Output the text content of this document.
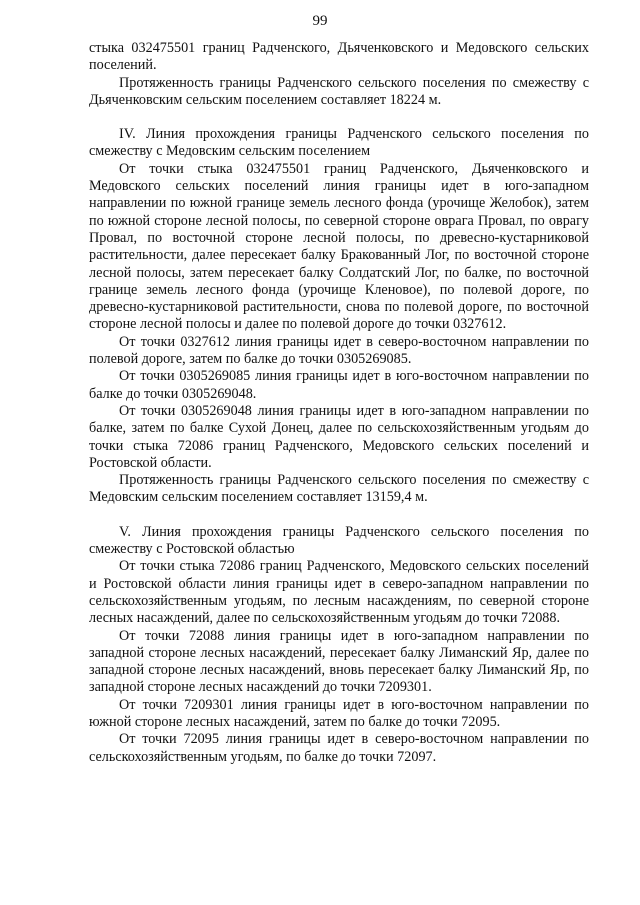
99

стыка 032475501 границ Радченского, Дьяченковского и Медовского сельских поселений.

Протяженность границы Радченского сельского поселения по смежеству с Дьяченковским сельским поселением составляет 18224 м.

IV. Линия прохождения границы Радченского сельского поселения по смежеству с Медовским сельским поселением

От точки стыка 032475501 границ Радченского, Дьяченковского и Медовского сельских поселений линия границы идет в юго-западном направлении по южной границе земель лесного фонда (урочище Желобок), затем по южной стороне лесной полосы, по северной стороне оврага Провал, по оврагу Провал, по восточной стороне лесной полосы, по древесно-кустарниковой растительности, далее пересекает балку Бракованный Лог, по восточной стороне лесной полосы, затем пересекает балку Солдатский Лог, по балке, по восточной границе земель лесного фонда (урочище Кленовое), по полевой дороге, по древесно-кустарниковой растительности, снова по полевой дороге, по восточной стороне лесной полосы и далее по полевой дороге до точки 0327612.

От точки 0327612 линия границы идет в северо-восточном направлении по полевой дороге, затем по балке до точки 0305269085.

От точки 0305269085 линия границы идет в юго-восточном направлении по балке до точки 0305269048.

От точки 0305269048 линия границы идет в юго-западном направлении по балке, затем по балке Сухой Донец, далее по сельскохозяйственным угодьям до точки стыка 72086 границ Радченского, Медовского сельских поселений и Ростовской области.

Протяженность границы Радченского сельского поселения по смежеству с Медовским сельским поселением составляет 13159,4 м.

V. Линия прохождения границы Радченского сельского поселения по смежеству с Ростовской областью

От точки стыка 72086 границ Радченского, Медовского сельских поселений и Ростовской области линия границы идет в северо-западном направлении по сельскохозяйственным угодьям, по лесным насаждениям, по северной стороне лесных насаждений, далее по сельскохозяйственным угодьям до точки 72088.

От точки 72088 линия границы идет в юго-западном направлении по западной стороне лесных насаждений, пересекает балку Лиманский Яр, далее по западной стороне лесных насаждений, вновь пересекает балку Лиманский Яр, по западной стороне лесных насаждений до точки 7209301.

От точки 7209301 линия границы идет в юго-восточном направлении по южной стороне лесных насаждений, затем по балке до точки 72095.

От точки 72095 линия границы идет в северо-восточном направлении по сельскохозяйственным угодьям, по балке до точки 72097.
